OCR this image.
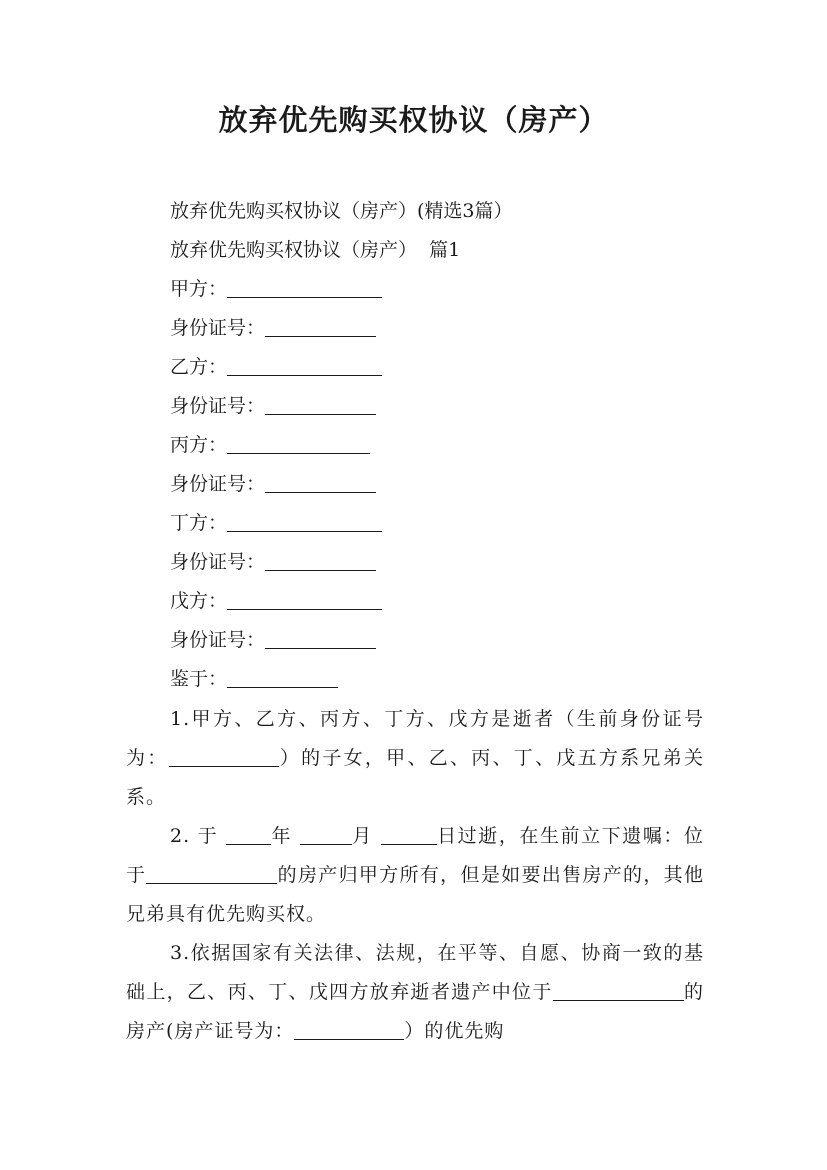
放弃优先购买权协议（房产）
放弃优先购买权协议（房产）(精选3篇）
放弃优先购买权协议（房产）  篇1
甲方：
身份证号：
乙方：
身份证号：
丙方：
身份证号：
丁方：
身份证号：
戊方：
身份证号：
鉴于：
1.甲方、乙方、丙方、丁方、戊方是逝者（生前身份证号为：	）的子女，甲、乙、丙、丁、戊五方系兄弟关系。
2. 于	年	月	日过逝，在生前立下遗嘱：位于	的房产归甲方所有，但是如要出售房产的，其他兄弟具有优先购买权。
3.依据国家有关法律、法规，在平等、自愿、协商一致的基础上，乙、丙、丁、戊四方放弃逝者遗产中位于	的房产(房产证号为：	）的优先购
